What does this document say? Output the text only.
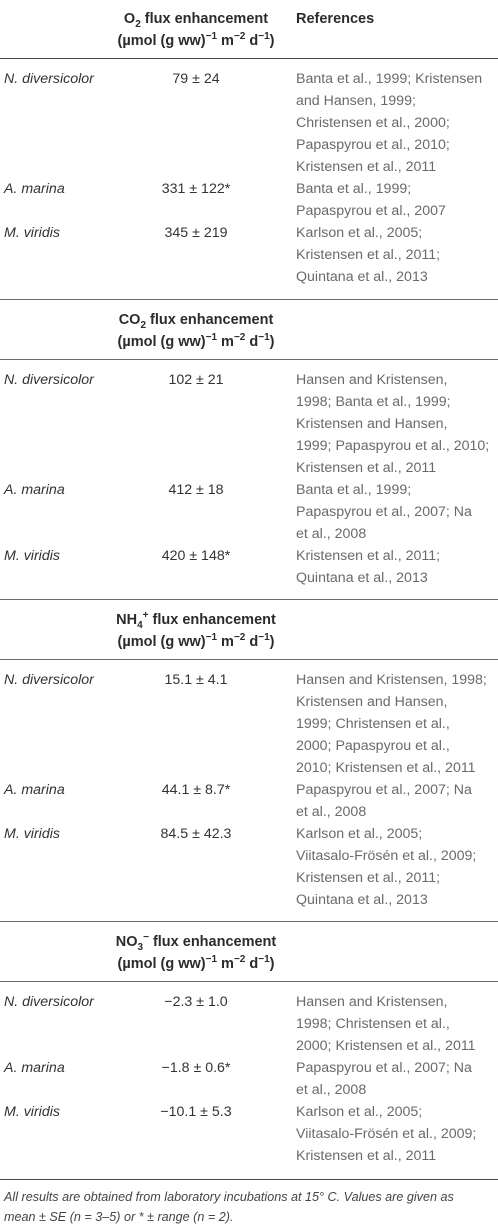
$O_2$ flux enhancement	References
(µmol (g ww)$^{-1}$ $m^{-2}$ $d^{-1}$)
N. diversicolor	79 ± 24	Banta et al., 1999; Kristensen
and Hansen, 1999;
Christensen et al., 2000;
Papaspyrou et al., 2010;
Kristensen et al., 2011
A. marina	331 ± 122*	Banta et al., 1999;
Papaspyrou et al., 2007
M. viridis	345 ± 219	Karlson et al., 2005;
Kristensen et al., 2011;
Quintana et al., 2013
$CO_2$ flux enhancement
(µmol (g ww)$^{-1}$ $m^{-2}$ $d^{-1}$)
N. diversicolor	102 ± 21	Hansen and Kristensen,
1998; Banta et al., 1999;
Kristensen and Hansen,
1999; Papaspyrou et al., 2010;
Kristensen et al., 2011
A. marina	412 ± 18	Banta et al., 1999;
Papaspyrou et al., 2007; Na
et al., 2008
M. viridis	420 ± 148*	Kristensen et al., 2011;
Quintana et al., 2013
$NH_4^+$ flux enhancement
(µmol (g ww)$^{-1}$ $m^{-2}$ $d^{-1}$)
N. diversicolor	15.1 ± 4.1	Hansen and Kristensen, 1998;
Kristensen and Hansen,
1999; Christensen et al.,
2000; Papaspyrou et al.,
2010; Kristensen et al., 2011
A. marina	44.1 ± 8.7*	Papaspyrou et al., 2007; Na
et al., 2008
M. viridis	84.5 ± 42.3	Karlson et al., 2005;
Viitasalo-Frösén et al., 2009;
Kristensen et al., 2011;
Quintana et al., 2013
$NO_3^-$ flux enhancement
(µmol (g ww)$^{-1}$ $m^{-2}$ $d^{-1}$)
N. diversicolor	−2.3 ± 1.0	Hansen and Kristensen,
1998; Christensen et al.,
2000; Kristensen et al., 2011
A. marina	−1.8 ± 0.6*	Papaspyrou et al., 2007; Na
et al., 2008
M. viridis	−10.1 ± 5.3	Karlson et al., 2005;
Viitasalo-Frösén et al., 2009;
Kristensen et al., 2011
All results are obtained from laboratory incubations at 15° C. Values are given as
mean ± SE (n = 3–5) or * ± range (n = 2).
